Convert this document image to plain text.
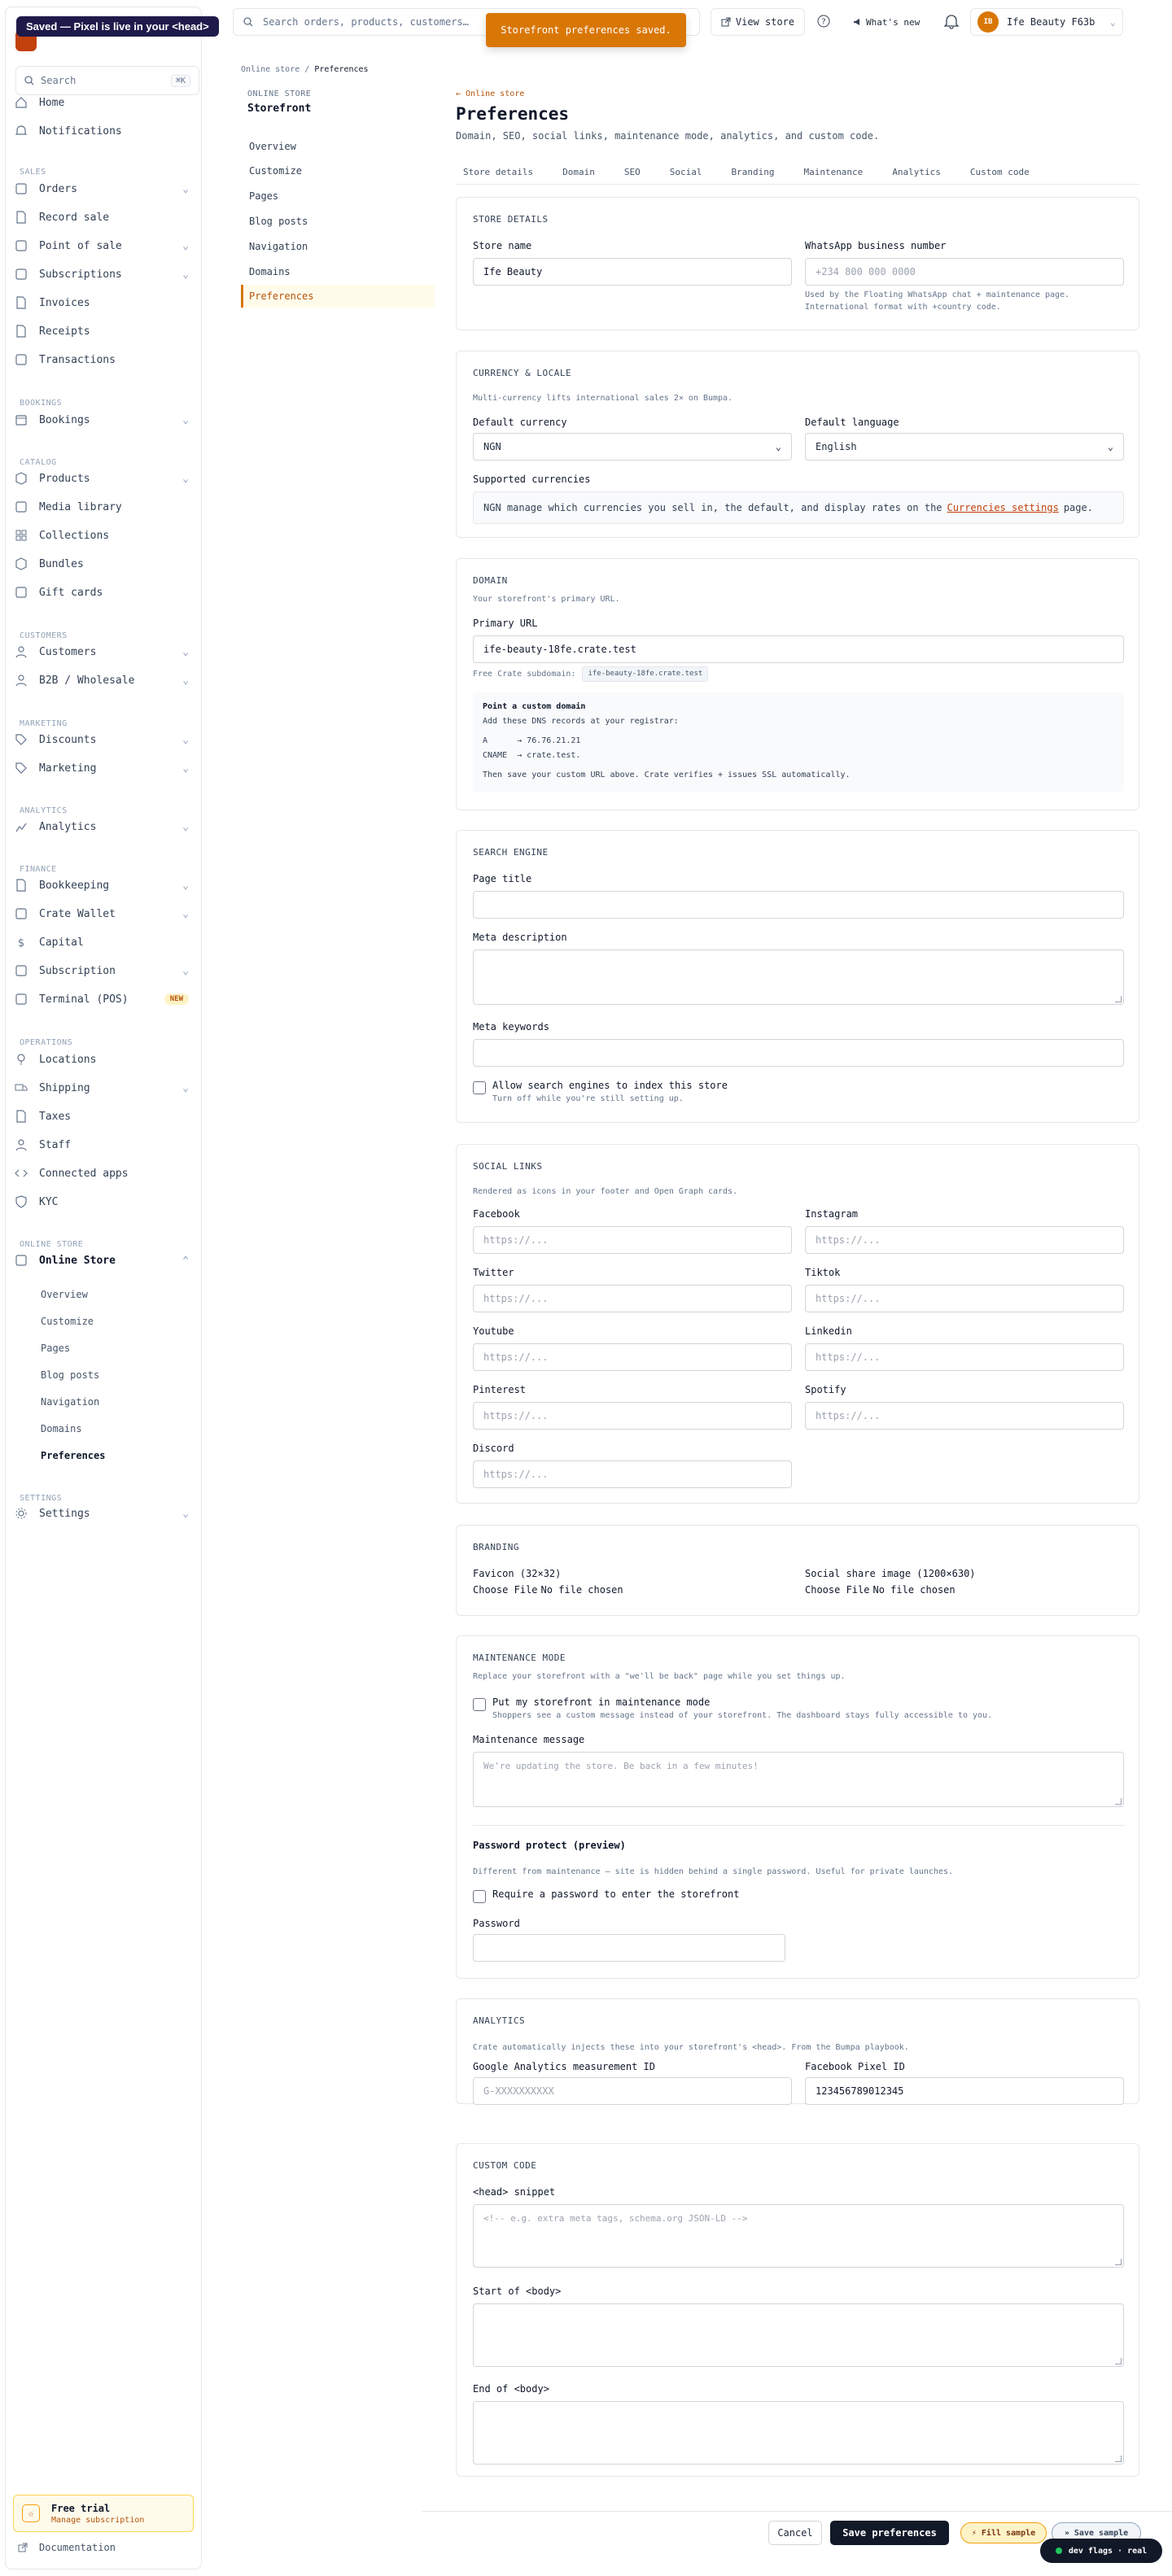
Search	⌘K
Home
Notifications
SALES
Orders	⌄
Record sale
Point of sale	⌄
Subscriptions	⌄
Invoices
Receipts
Transactions
BOOKINGS
Bookings	⌄
CATALOG
Products	⌄
Media library
Collections
Bundles
Gift cards
CUSTOMERS
Customers	⌄
B2B / Wholesale	⌄
MARKETING
Discounts	⌄
Marketing	⌄
ANALYTICS
Analytics	⌄
FINANCE
Bookkeeping	⌄
Crate Wallet	⌄
$ Capital
Subscription	⌄
Terminal (POS)	NEW
OPERATIONS
Locations
Shipping	⌄
Taxes
Staff
Connected apps
KYC
ONLINE STORE
Online Store	⌃
Overview
Customize
Pages
Blog posts
Navigation
Domains
Preferences
SETTINGS
Settings	⌄
☆	Free trial
Manage subscription
Documentation
Saved — Pixel is live in your <head>	Search orders, products, customers…
Storefront preferences saved.
View store	?	What's new	IB	Ife Beauty F63b ⌄
Online store / Preferences
ONLINE STORE
Storefront
Overview
Customize
Pages
Blog posts
Navigation
Domains
Preferences
← Online store
Preferences
Domain, SEO, social links, maintenance mode, analytics, and custom code.
Store details	Domain	SEO	Social	Branding	Maintenance	Analytics	Custom code
STORE DETAILS
Store name
Ife Beauty
WhatsApp business number
+234 800 000 0000
Used by the Floating WhatsApp chat + maintenance page.
International format with +country code.
CURRENCY & LOCALE
Multi-currency lifts international sales 2× on Bumpa.
Default currency
NGN	⌄
Default language
English	⌄
Supported currencies
NGN manage which currencies you sell in, the default, and display rates on the Currencies settings page.
DOMAIN
Your storefront's primary URL.
Primary URL
ife-beauty-18fe.crate.test
Free Crate subdomain:	ife-beauty-18fe.crate.test
Point a custom domain
Add these DNS records at your registrar:
A      → 76.76.21.21
CNAME  → crate.test.
Then save your custom URL above. Crate verifies + issues SSL automatically.
SEARCH ENGINE
Page title
Meta description
Meta keywords
Allow search engines to index this store
Turn off while you're still setting up.
SOCIAL LINKS
Rendered as icons in your footer and Open Graph cards.
Facebook
https://...
Instagram
https://...
Twitter
https://...
Tiktok
https://...
Youtube
https://...
Linkedin
https://...
Pinterest
https://...
Spotify
https://...
Discord
https://...
BRANDING
Favicon (32×32)
Choose File No file chosen
Social share image (1200×630)
Choose File No file chosen
MAINTENANCE MODE
Replace your storefront with a "we'll be back" page while you set things up.
Put my storefront in maintenance mode
Shoppers see a custom message instead of your storefront. The dashboard stays fully accessible to you.
Maintenance message
We're updating the store. Be back in a few minutes!
Password protect (preview)
Different from maintenance — site is hidden behind a single password. Useful for private launches.
Require a password to enter the storefront
Password
ANALYTICS
Crate automatically injects these into your storefront's <head>. From the Bumpa playbook.
Google Analytics measurement ID
G-XXXXXXXXXX
Facebook Pixel ID
123456789012345
CUSTOM CODE
<head> snippet
<!-- e.g. extra meta tags, schema.org JSON-LD -->
Start of <body>
End of <body>
Cancel	Save preferences	⚡ Fill sample	» Save sample
dev flags · real
